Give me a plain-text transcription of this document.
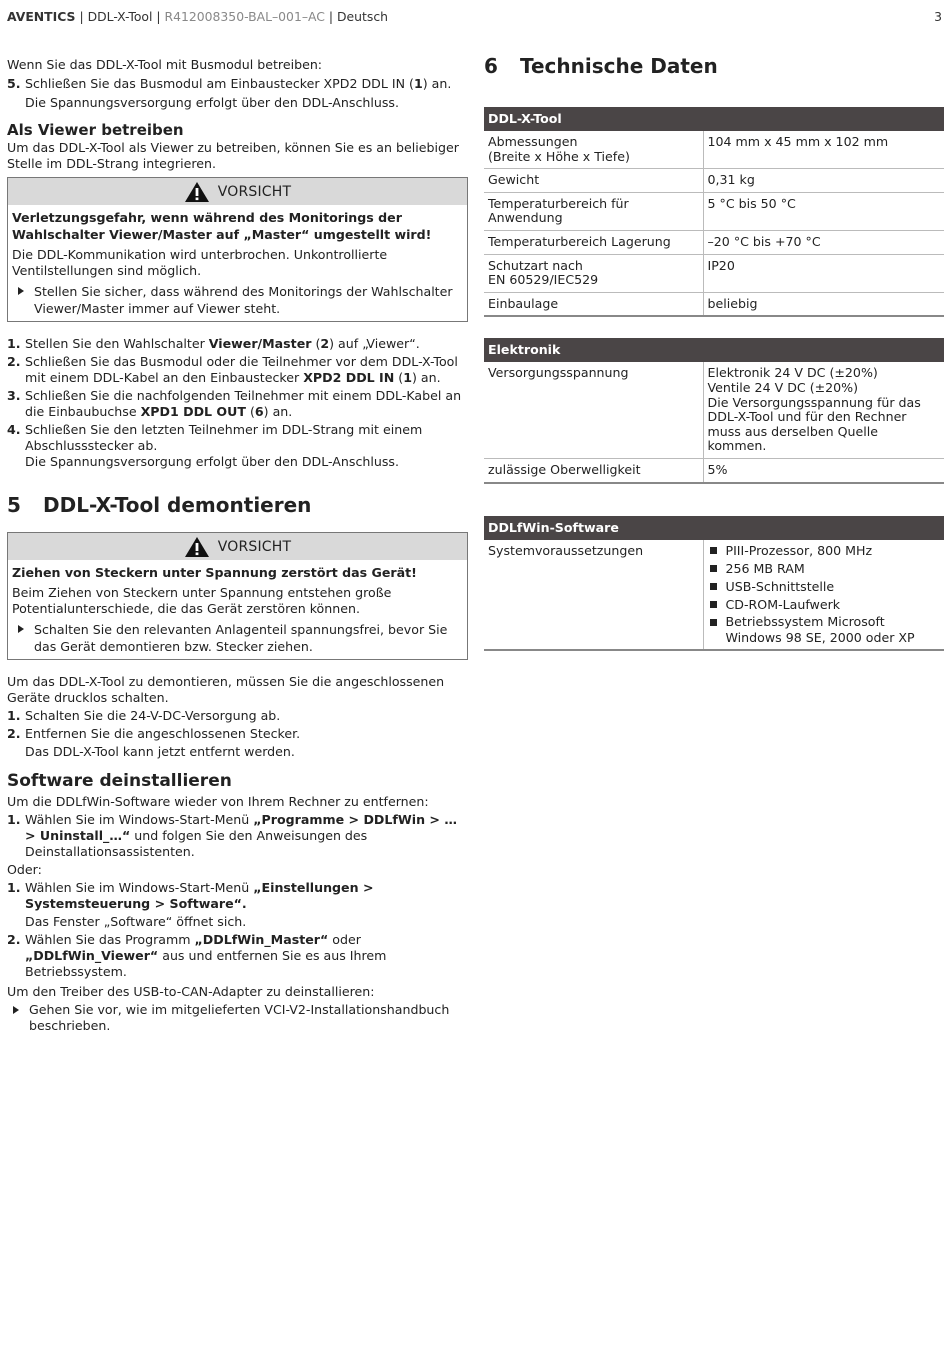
AVENTICS | DDL-X-Tool | R412008350-BAL–001–AC | Deutsch	3

Wenn Sie das DDL-X-Tool mit Busmodul betreiben:

5. Schließen Sie das Busmodul am Einbaustecker XPD2 DDL IN (1) an.

Die Spannungsversorgung erfolgt über den DDL-Anschluss.

Als Viewer betreiben

Um das DDL-X-Tool als Viewer zu betreiben, können Sie es an beliebiger Stelle im DDL-Strang integrieren.

VORSICHT

Verletzungsgefahr, wenn während des Monitorings der Wahlschalter Viewer/Master auf „Master“ umgestellt wird!

Die DDL-Kommunikation wird unterbrochen. Unkontrollierte Ventilstellungen sind möglich.

Stellen Sie sicher, dass während des Monitorings der Wahlschalter Viewer/Master immer auf Viewer steht.

1. Stellen Sie den Wahlschalter Viewer/Master (2) auf „Viewer“.
2. Schließen Sie das Busmodul oder die Teilnehmer vor dem DDL-X-Tool mit einem DDL-Kabel an den Einbaustecker XPD2 DDL IN (1) an.
3. Schließen Sie die nachfolgenden Teilnehmer mit einem DDL-Kabel an die Einbaubuchse XPD1 DDL OUT (6) an.
4. Schließen Sie den letzten Teilnehmer im DDL-Strang mit einem Abschlussstecker ab.

Die Spannungsversorgung erfolgt über den DDL-Anschluss.

5 DDL-X-Tool demontieren
VORSICHT

Ziehen von Steckern unter Spannung zerstört das Gerät!

Beim Ziehen von Steckern unter Spannung entstehen große Potentialunterschiede, die das Gerät zerstören können.

Schalten Sie den relevanten Anlagenteil spannungsfrei, bevor Sie das Gerät demontieren bzw. Stecker ziehen.

Um das DDL-X-Tool zu demontieren, müssen Sie die angeschlossenen Geräte drucklos schalten.

1. Schalten Sie die 24-V-DC-Versorgung ab.
2. Entfernen Sie die angeschlossenen Stecker.

Das DDL-X-Tool kann jetzt entfernt werden.

Software deinstallieren

Um die DDLfWin-Software wieder von Ihrem Rechner zu entfernen:

1. Wählen Sie im Windows-Start-Menü „Programme > DDLfWin > … > Uninstall_…“ und folgen Sie den Anweisungen des Deinstallationsassistenten.

Oder:

1. Wählen Sie im Windows-Start-Menü „Einstellungen > Systemsteuerung > Software“.

Das Fenster „Software“ öffnet sich.

2. Wählen Sie das Programm „DDLfWin_Master“ oder „DDLfWin_Viewer“ aus und entfernen Sie es aus Ihrem Betriebssystem.

Um den Treiber des USB-to-CAN-Adapter zu deinstallieren:

Gehen Sie vor, wie im mitgelieferten VCI-V2-Installationshandbuch beschrieben.

6 Technische Daten
DDL-X-Tool	
Abmessungen
(Breite x Höhe x Tiefe)	104 mm x 45 mm x 102 mm
Gewicht	0,31 kg
Temperaturbereich für
Anwendung	5 °C bis 50 °C
Temperaturbereich Lagerung	–20 °C bis +70 °C
Schutzart nach
EN 60529/IEC529	IP20
Einbaulage	beliebig
Elektronik	
Versorgungsspannung	Elektronik 24 V DC (±20%)
Ventile 24 V DC (±20%)
Die Versorgungsspannung für das DDL-X-Tool und für den Rechner muss aus derselben Quelle kommen.
zulässige Oberwelligkeit	5%
DDLfWin-Software
Systemvoraussetzungen	PIII-Prozessor, 800 MHz
256 MB RAM
USB-Schnittstelle
CD-ROM-Laufwerk
Betriebssystem Microsoft Windows 98 SE, 2000 oder XP
